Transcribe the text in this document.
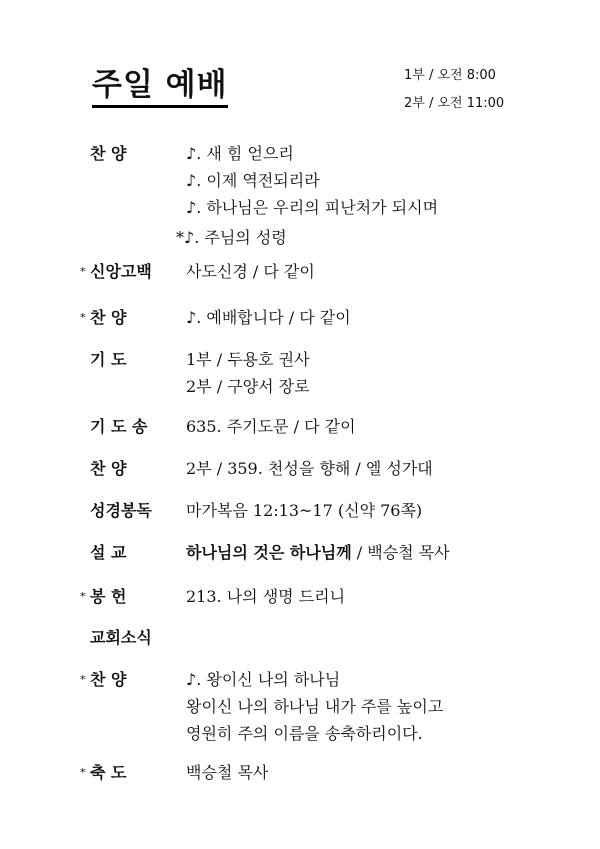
주일 예배	1부 / 오전 8:00
2부 / 오전 11:00
찬 양	♪. 새 힘 얻으리
♪. 이제 역전되리라
♪. 하나님은 우리의 피난처가 되시며
*♪. 주님의 성령
* 신앙고백	사도신경 / 다 같이
* 찬 양	♪. 예배합니다 / 다 같이
기 도	1부 / 두용호 권사
2부 / 구양서 장로
기 도 송	635. 주기도문 / 다 같이
찬 양	2부 / 359. 천성을 향해 / 엘 성가대
성경봉독	마가복음 12:13~17 (신약 76쪽)
설 교	하나님의 것은 하나님께 / 백승철 목사
* 봉 헌	213. 나의 생명 드리니
교회소식
* 찬 양	♪. 왕이신 나의 하나님
왕이신 나의 하나님 내가 주를 높이고
영원히 주의 이름을 송축하리이다.
* 축 도	백승철 목사
